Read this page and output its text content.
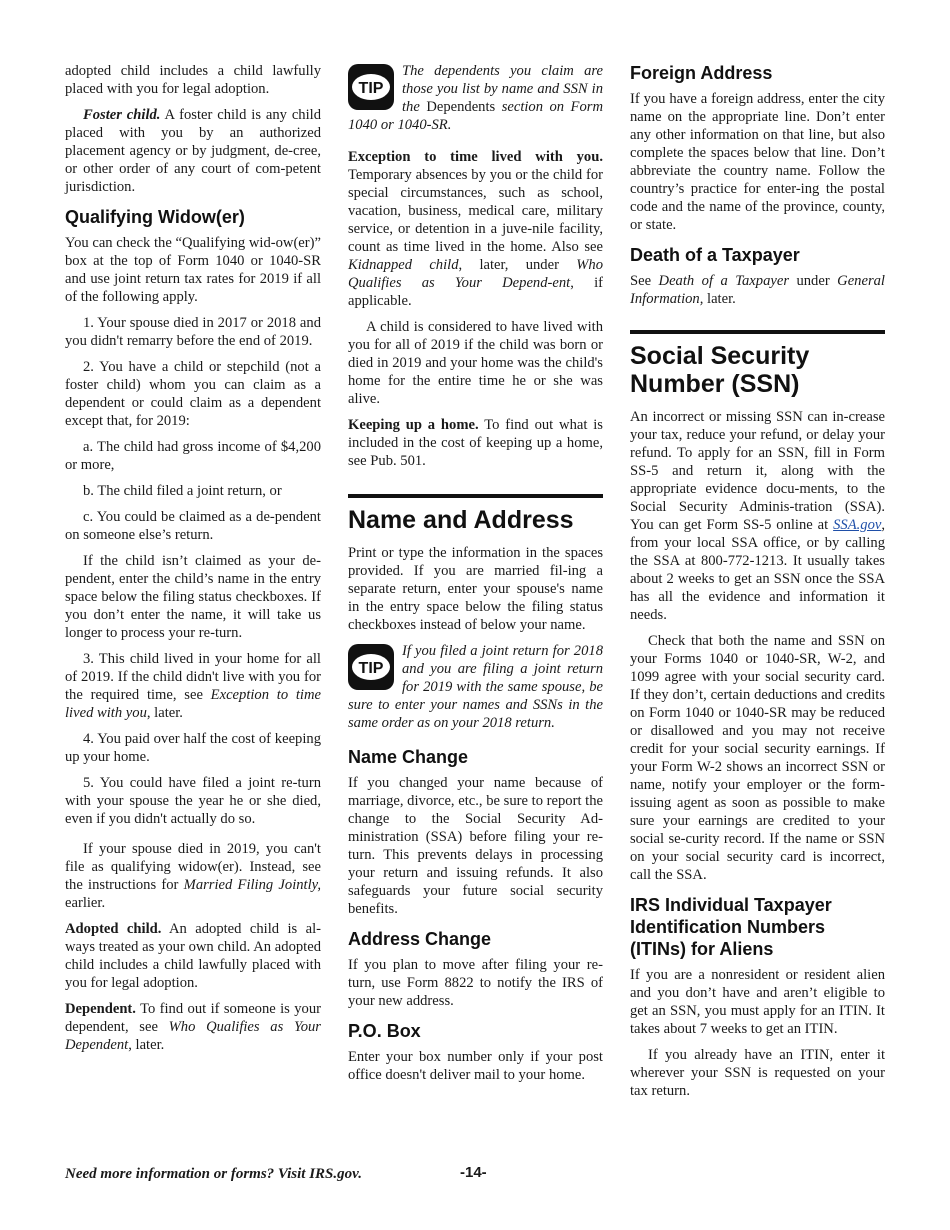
adopted child includes a child lawfully placed with you for legal adoption.

Foster child. A foster child is any child placed with you by an authorized placement agency or by judgment, de-cree, or other order of any court of com-petent jurisdiction.

Qualifying Widow(er)

You can check the “Qualifying wid-ow(er)” box at the top of Form 1040 or 1040-SR and use joint return tax rates for 2019 if all of the following apply.

1. Your spouse died in 2017 or 2018 and you didn't remarry before the end of 2019.

2. You have a child or stepchild (not a foster child) whom you can claim as a dependent or could claim as a dependent except that, for 2019:

a. The child had gross income of $4,200 or more,

b. The child filed a joint return, or

c. You could be claimed as a de-pendent on someone else’s return.

If the child isn’t claimed as your de-pendent, enter the child’s name in the entry space below the filing status checkboxes. If you don’t enter the name, it will take us longer to process your re-turn.

3. This child lived in your home for all of 2019. If the child didn't live with you for the required time, see Exception to time lived with you, later.

4. You paid over half the cost of keeping up your home.

5. You could have filed a joint re-turn with your spouse the year he or she died, even if you didn't actually do so.

If your spouse died in 2019, you can't file as qualifying widow(er). Instead, see the instructions for Married Filing Jointly, earlier.

Adopted child. An adopted child is al-ways treated as your own child. An adopted child includes a child lawfully placed with you for legal adoption.

Dependent. To find out if someone is your dependent, see Who Qualifies as Your Dependent, later.

TIP

The dependents you claim are those you list by name and SSN in the Dependents section on Form 1040 or 1040-SR.

Exception to time lived with you. Temporary absences by you or the child for special circumstances, such as school, vacation, business, medical care, military service, or detention in a juve-nile facility, count as time lived in the home. Also see Kidnapped child, later, under Who Qualifies as Your Depend-ent, if applicable.

A child is considered to have lived with you for all of 2019 if the child was born or died in 2019 and your home was the child's home for the entire time he or she was alive.

Keeping up a home. To find out what is included in the cost of keeping up a home, see Pub. 501.

Name and Address

Print or type the information in the spaces provided. If you are married fil-ing a separate return, enter your spouse's name in the entry space below the filing status checkboxes instead of below your name.

TIP

If you filed a joint return for 2018 and you are filing a joint return for 2019 with the same spouse, be sure to enter your names and SSNs in the same order as on your 2018 return.

Name Change

If you changed your name because of marriage, divorce, etc., be sure to report the change to the Social Security Ad-ministration (SSA) before filing your re-turn. This prevents delays in processing your return and issuing refunds. It also safeguards your future social security benefits.

Address Change

If you plan to move after filing your re-turn, use Form 8822 to notify the IRS of your new address.

P.O. Box

Enter your box number only if your post office doesn't deliver mail to your home.

Foreign Address

If you have a foreign address, enter the city name on the appropriate line. Don’t enter any other information on that line, but also complete the spaces below that line. Don’t abbreviate the country name. Follow the country’s practice for enter-ing the postal code and the name of the province, county, or state.

Death of a Taxpayer

See Death of a Taxpayer under General Information, later.

Social Security Number (SSN)

An incorrect or missing SSN can in-crease your tax, reduce your refund, or delay your refund. To apply for an SSN, fill in Form SS-5 and return it, along with the appropriate evidence docu-ments, to the Social Security Adminis-tration (SSA). You can get Form SS-5 online at SSA.gov, from your local SSA office, or by calling the SSA at 800-772-1213. It usually takes about 2 weeks to get an SSN once the SSA has all the evidence and information it needs.

Check that both the name and SSN on your Forms 1040 or 1040-SR, W-2, and 1099 agree with your social security card. If they don’t, certain deductions and credits on Form 1040 or 1040-SR may be reduced or disallowed and you may not receive credit for your social security earnings. If your Form W-2 shows an incorrect SSN or name, notify your employer or the form-issuing agent as soon as possible to make sure your earnings are credited to your social se-curity record. If the name or SSN on your social security card is incorrect, call the SSA.

IRS Individual Taxpayer Identification Numbers (ITINs) for Aliens

If you are a nonresident or resident alien and you don’t have and aren’t eligible to get an SSN, you must apply for an ITIN. It takes about 7 weeks to get an ITIN.

If you already have an ITIN, enter it wherever your SSN is requested on your tax return.

Need more information or forms? Visit IRS.gov.	-14-
